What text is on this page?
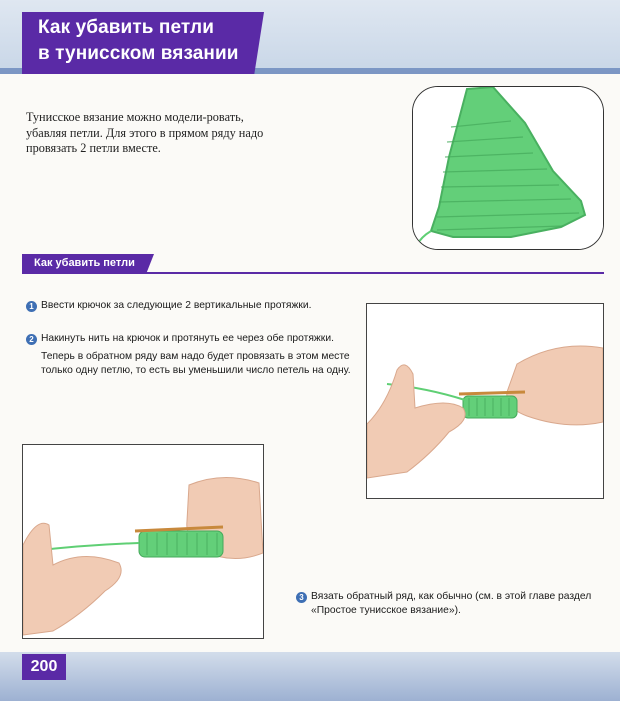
Как убавить петли
в тунисском вязании
Тунисское вязание можно модели-ровать, убавляя петли. Для этого в прямом ряду надо провязать 2 петли вместе.
Как убавить петли
1 Ввести крючок за следующие 2 вертикальные протяжки.
2 Накинуть нить на крючок и протянуть ее через обе протяжки.
Теперь в обратном ряду вам надо будет провязать в этом месте только одну петлю, то есть вы уменьшили число петель на одну.
3 Вязать обратный ряд, как обычно (см. в этой главе раздел «Простое тунисское вязание»).
200
